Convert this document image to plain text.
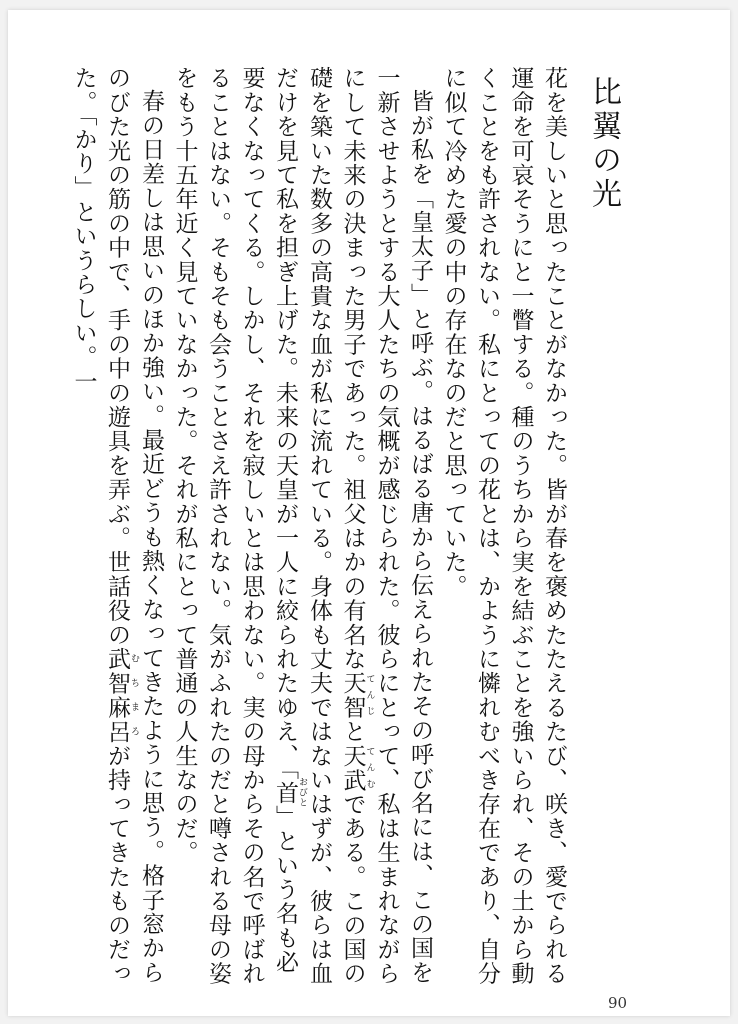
比翼の光

花を美しいと思ったことがなかった。皆が春を褒めたたえるたび、咲き、愛でられる運命を可哀そうにと一瞥する。種のうちから実を結ぶことを強いられ、その土から動くことをも許されない。私にとっての花とは、かように憐れむべき存在であり、自分に似て冷めた愛の中の存在なのだと思っていた。

皆が私を「皇太子」と呼ぶ。はるばる唐から伝えられたその呼び名には、この国を一新させようとする大人たちの気概が感じられた。彼らにとって、私は生まれながらにして未来の決まった男子であった。祖父はかの有名な天智 てんじと天武 てんむである。この国の礎を築いた数多の高貴な血が私に流れている。身体も丈夫ではないはずが、彼らは血だけを見て私を担ぎ上げた。未来の天皇が一人に絞られたゆえ、「首 おびと」という名も必要なくなってくる。しかし、それを寂しいとは思わない。実の母からその名で呼ばれることはない。そもそも会うことさえ許されない。気がふれたのだと噂される母の姿をもう十五年近く見ていなかった。それが私にとって普通の人生なのだ。

春の日差しは思いのほか強い。最近どうも熱くなってきたように思う。格子窓からのびた光の筋の中で、手の中の遊具を弄ぶ。世話役の武智麻呂 むちまろが持ってきたものだった。「かり」というらしい。一

90
